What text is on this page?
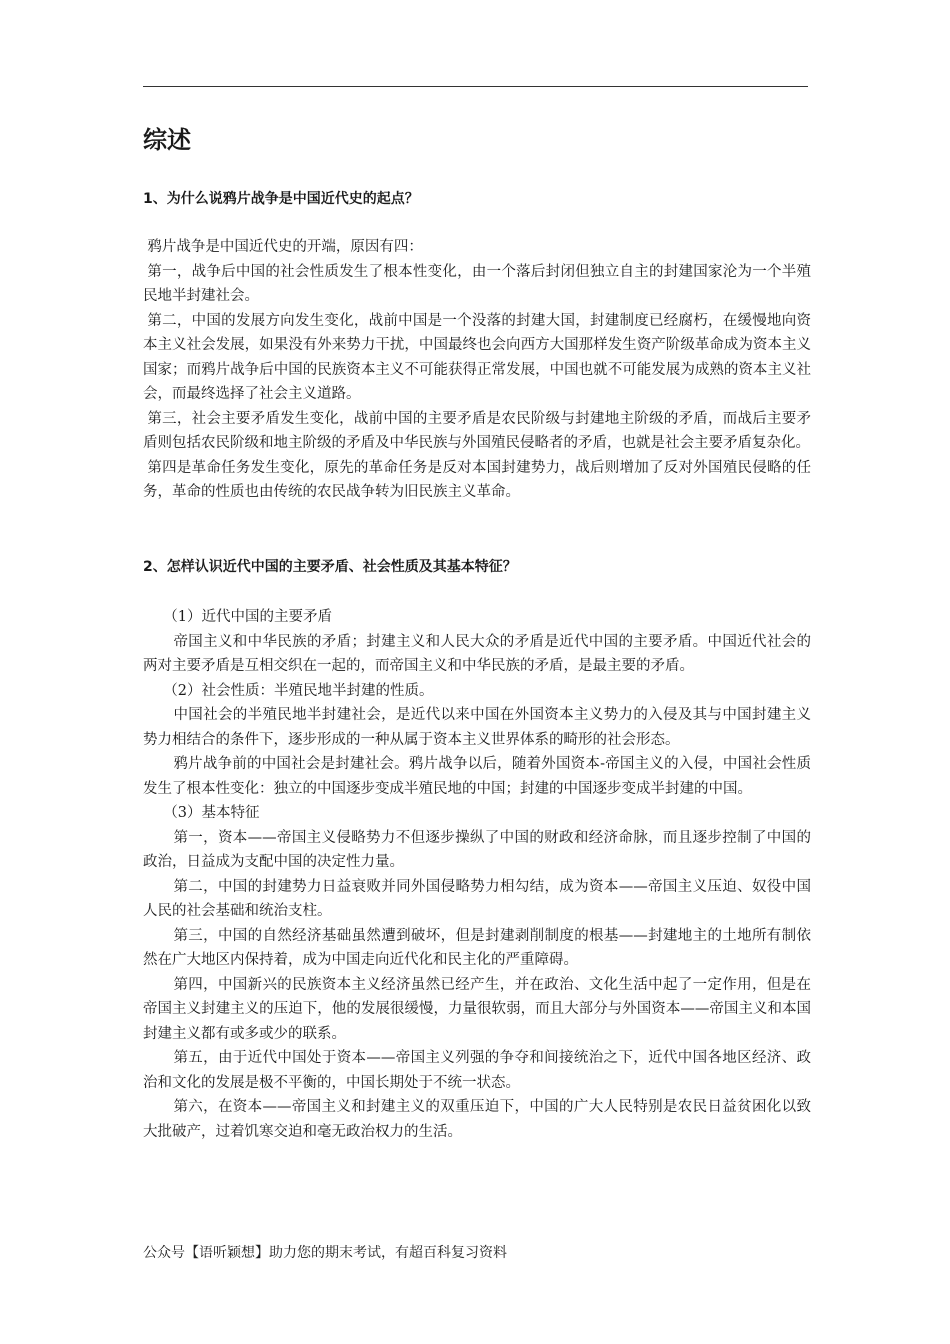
综述
1、为什么说鸦片战争是中国近代史的起点？

鸦片战争是中国近代史的开端，原因有四：

第一，战争后中国的社会性质发生了根本性变化，由一个落后封闭但独立自主的封建国家沦为一个半殖民地半封建社会。

第二，中国的发展方向发生变化，战前中国是一个没落的封建大国，封建制度已经腐朽，在缓慢地向资本主义社会发展，如果没有外来势力干扰，中国最终也会向西方大国那样发生资产阶级革命成为资本主义国家；而鸦片战争后中国的民族资本主义不可能获得正常发展，中国也就不可能发展为成熟的资本主义社会，而最终选择了社会主义道路。

第三，社会主要矛盾发生变化，战前中国的主要矛盾是农民阶级与封建地主阶级的矛盾，而战后主要矛盾则包括农民阶级和地主阶级的矛盾及中华民族与外国殖民侵略者的矛盾，也就是社会主要矛盾复杂化。

第四是革命任务发生变化，原先的革命任务是反对本国封建势力，战后则增加了反对外国殖民侵略的任务，革命的性质也由传统的农民战争转为旧民族主义革命。

2、怎样认识近代中国的主要矛盾、社会性质及其基本特征？

（1）近代中国的主要矛盾

帝国主义和中华民族的矛盾；封建主义和人民大众的矛盾是近代中国的主要矛盾。中国近代社会的两对主要矛盾是互相交织在一起的，而帝国主义和中华民族的矛盾，是最主要的矛盾。

（2）社会性质：半殖民地半封建的性质。

中国社会的半殖民地半封建社会，是近代以来中国在外国资本主义势力的入侵及其与中国封建主义势力相结合的条件下，逐步形成的一种从属于资本主义世界体系的畸形的社会形态。

鸦片战争前的中国社会是封建社会。鸦片战争以后，随着外国资本-帝国主义的入侵，中国社会性质发生了根本性变化：独立的中国逐步变成半殖民地的中国；封建的中国逐步变成半封建的中国。

（3）基本特征

第一，资本——帝国主义侵略势力不但逐步操纵了中国的财政和经济命脉，而且逐步控制了中国的政治，日益成为支配中国的决定性力量。

第二，中国的封建势力日益衰败并同外国侵略势力相勾结，成为资本——帝国主义压迫、奴役中国人民的社会基础和统治支柱。

第三，中国的自然经济基础虽然遭到破坏，但是封建剥削制度的根基——封建地主的土地所有制依然在广大地区内保持着，成为中国走向近代化和民主化的严重障碍。

第四，中国新兴的民族资本主义经济虽然已经产生，并在政治、文化生活中起了一定作用，但是在帝国主义封建主义的压迫下，他的发展很缓慢，力量很软弱，而且大部分与外国资本——帝国主义和本国封建主义都有或多或少的联系。

第五，由于近代中国处于资本——帝国主义列强的争夺和间接统治之下，近代中国各地区经济、政治和文化的发展是极不平衡的，中国长期处于不统一状态。

第六，在资本——帝国主义和封建主义的双重压迫下，中国的广大人民特别是农民日益贫困化以致大批破产，过着饥寒交迫和毫无政治权力的生活。

公众号【语听颖想】助力您的期末考试，有超百科复习资料
